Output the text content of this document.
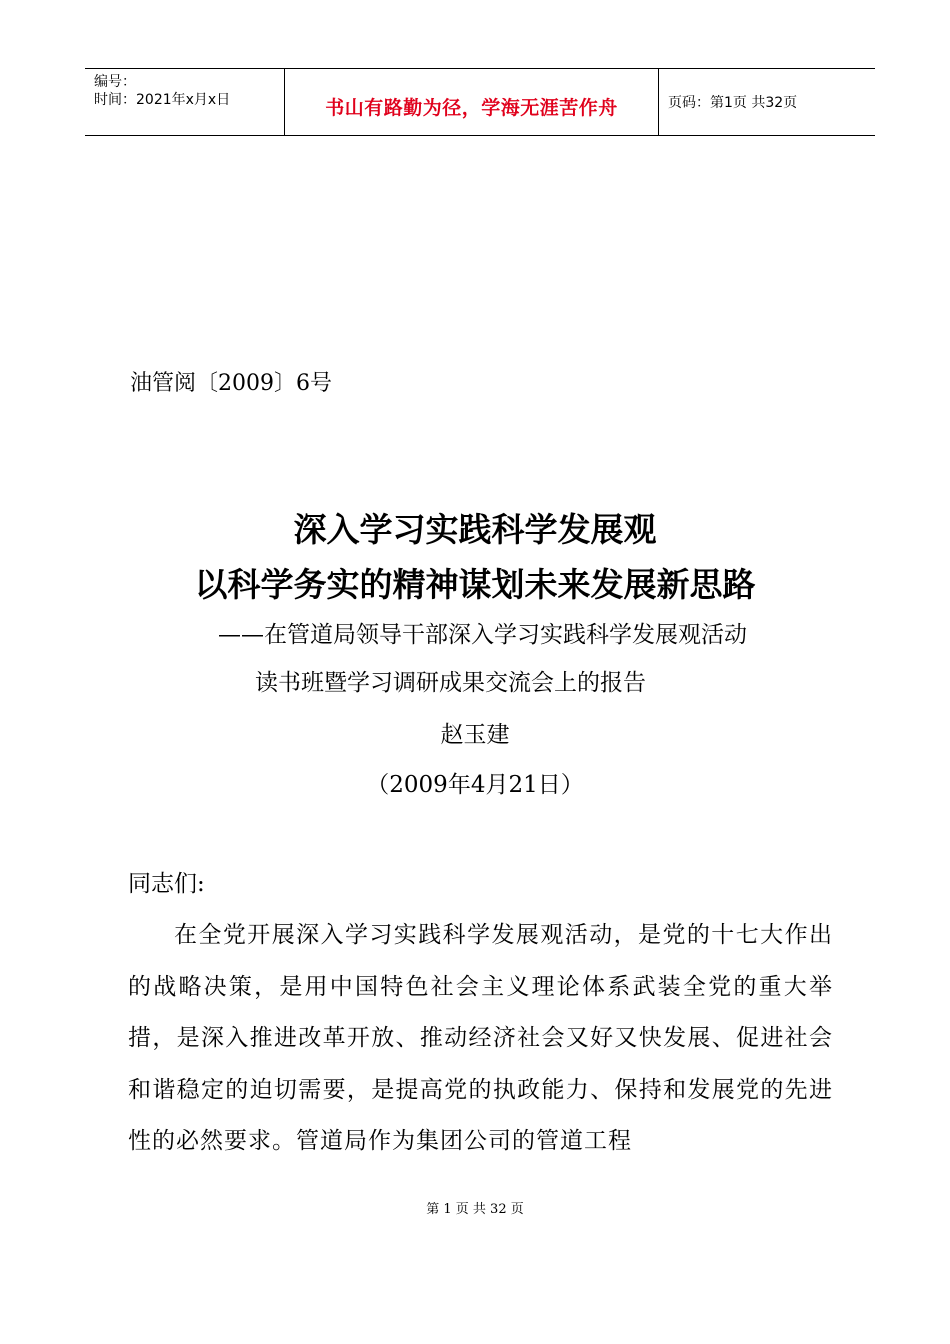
编号：
时间：2021年x月x日	书山有路勤为径，学海无涯苦作舟	页码：第1页 共32页
油管阅〔2009〕6号
深入学习实践科学发展观
以科学务实的精神谋划未来发展新思路
——在管道局领导干部深入学习实践科学发展观活动
读书班暨学习调研成果交流会上的报告
赵玉建
（2009年4月21日）
同志们:
在全党开展深入学习实践科学发展观活动，是党的十七大作出的战略决策，是用中国特色社会主义理论体系武装全党的重大举措，是深入推进改革开放、推动经济社会又好又快发展、促进社会和谐稳定的迫切需要，是提高党的执政能力、保持和发展党的先进性的必然要求。管道局作为集团公司的管道工程
第 1 页 共 32 页
